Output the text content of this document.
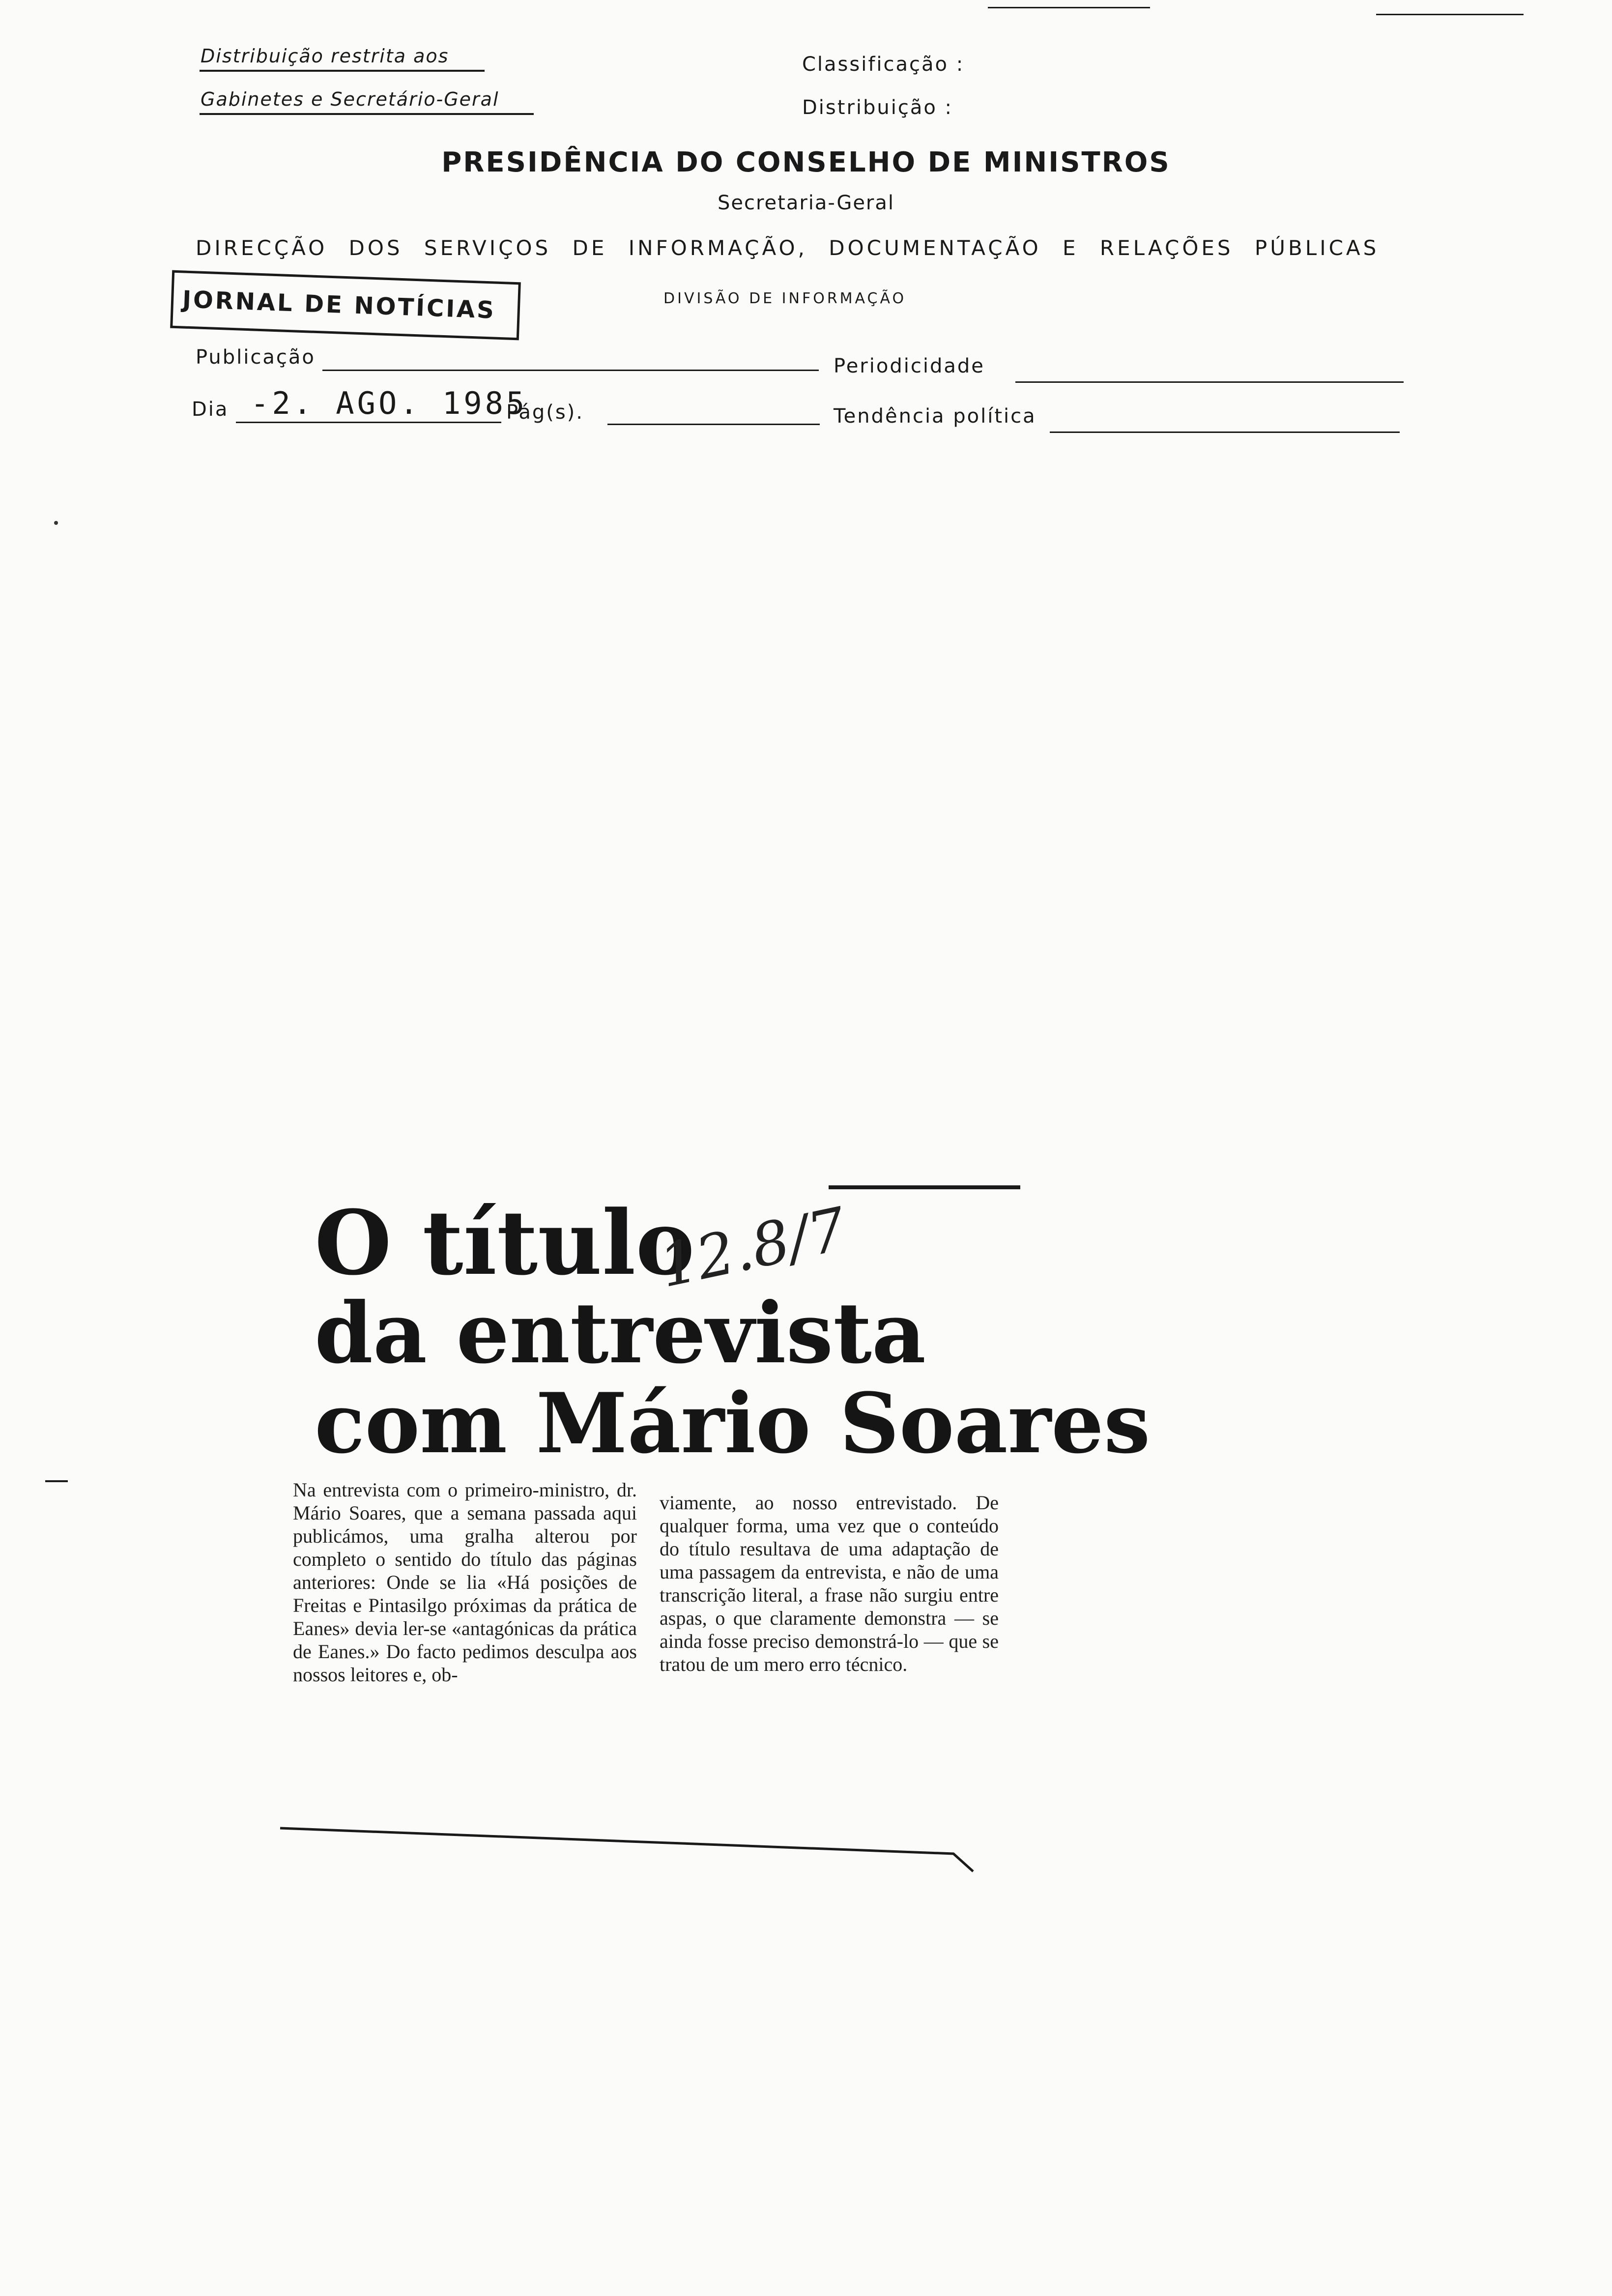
Distribuição restrita aos
Gabinetes e Secretário-Geral
Classificação :
Distribuição :
PRESIDÊNCIA DO CONSELHO DE MINISTROS
Secretaria-Geral
DIRECÇÃO DOS SERVIÇOS DE INFORMAÇÃO, DOCUMENTAÇÃO E RELAÇÕES PÚBLICAS
DIVISÃO DE INFORMAÇÃO
JORNAL DE NOTÍCIAS
Publicação	Periodicidade
Dia -2. AGO. 1985
Pág(s).	Tendência política
O título
da entrevista
com Mário Soares
12.8/7
Na entrevista com o primeiro-ministro, dr. Mário Soares, que a semana passada aqui publicámos, uma gralha alterou por completo o sentido do título das páginas anteriores: Onde se lia «Há posições de Freitas e Pintasilgo próximas da prática de Eanes» devia ler-se «antagónicas da prática de Eanes.» Do facto pedimos desculpa aos nossos leitores e, ob-
viamente, ao nosso entrevistado. De qualquer forma, uma vez que o conteúdo do título resultava de uma adaptação de uma passagem da entrevista, e não de uma transcrição literal, a frase não surgiu entre aspas, o que claramente demonstra — se ainda fosse preciso demonstrá-lo — que se tratou de um mero erro técnico.
